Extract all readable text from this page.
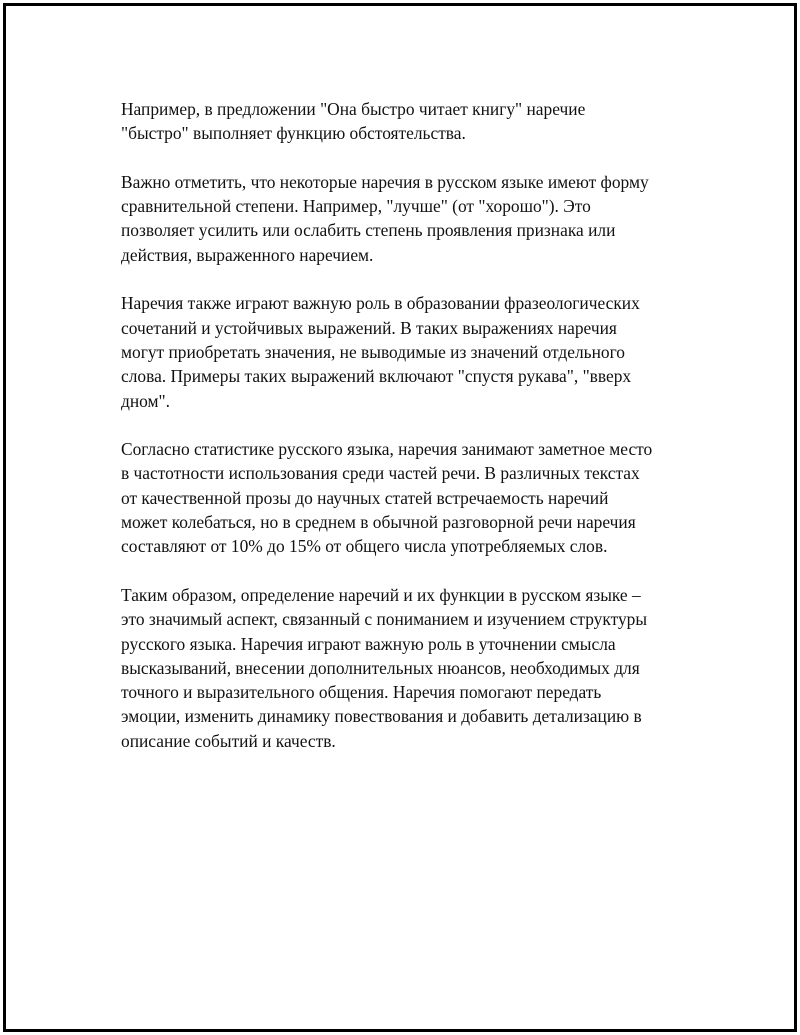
Например, в предложении "Она быстро читает книгу" наречие
"быстро" выполняет функцию обстоятельства.

Важно отметить, что некоторые наречия в русском языке имеют форму
сравнительной степени. Например, "лучше" (от "хорошо"). Это
позволяет усилить или ослабить степень проявления признака или
действия, выраженного наречием.

Наречия также играют важную роль в образовании фразеологических
сочетаний и устойчивых выражений. В таких выражениях наречия
могут приобретать значения, не выводимые из значений отдельного
слова. Примеры таких выражений включают "спустя рукава", "вверх
дном".

Согласно статистике русского языка, наречия занимают заметное место
в частотности использования среди частей речи. В различных текстах
от качественной прозы до научных статей встречаемость наречий
может колебаться, но в среднем в обычной разговорной речи наречия
составляют от 10% до 15% от общего числа употребляемых слов.

Таким образом, определение наречий и их функции в русском языке –
это значимый аспект, связанный с пониманием и изучением структуры
русского языка. Наречия играют важную роль в уточнении смысла
высказываний, внесении дополнительных нюансов, необходимых для
точного и выразительного общения. Наречия помогают передать
эмоции, изменить динамику повествования и добавить детализацию в
описание событий и качеств.
